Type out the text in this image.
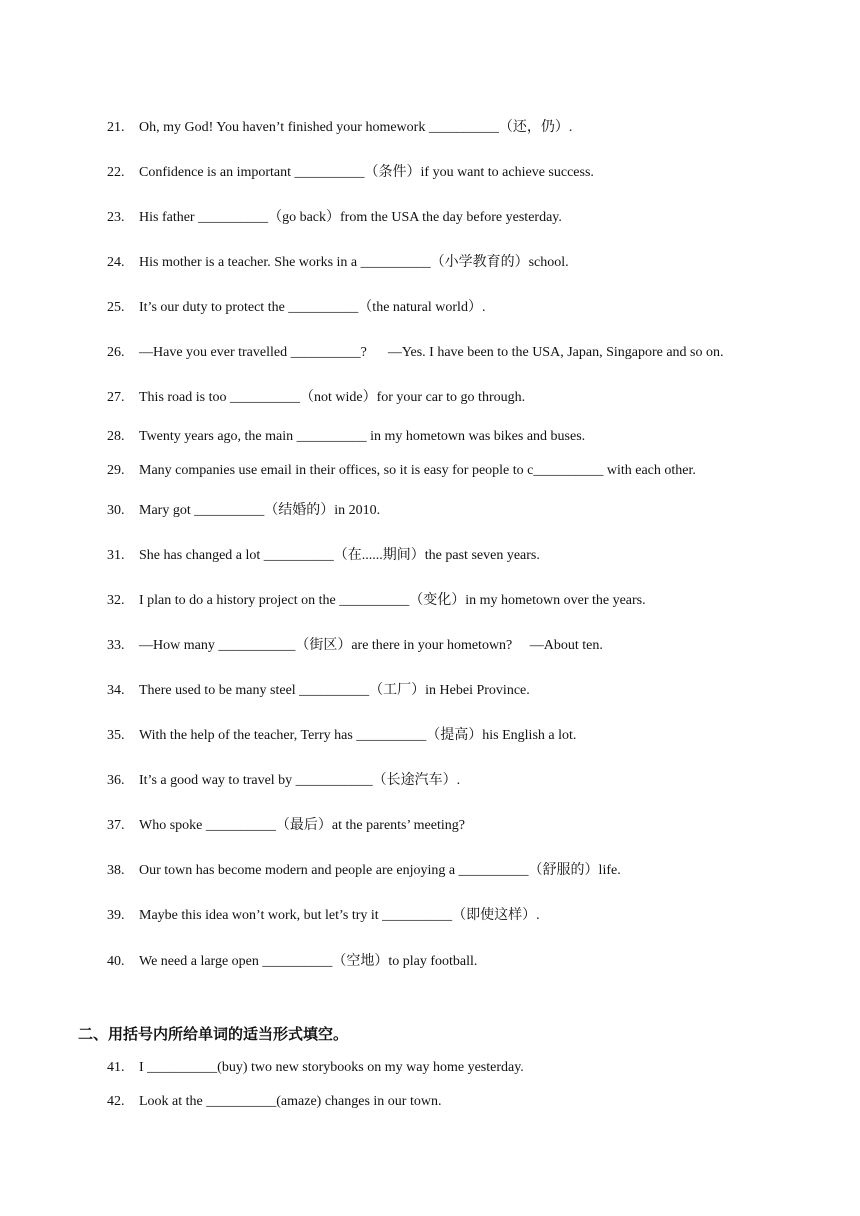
21. Oh, my God! You haven’t finished your homework __________（还，仍）.
22. Confidence is an important __________（条件）if you want to achieve success.
23. His father __________（go back）from the USA the day before yesterday.
24. His mother is a teacher. She works in a __________（小学教育的）school.
25. It’s our duty to protect the __________（the natural world）.
26. —Have you ever travelled __________?      —Yes. I have been to the USA, Japan, Singapore and so on.
27. This road is too __________（not wide）for your car to go through.
28. Twenty years ago, the main __________ in my hometown was bikes and buses.
29. Many companies use email in their offices, so it is easy for people to c__________ with each other.
30. Mary got __________（结婚的）in 2010.
31. She has changed a lot __________（在......期间）the past seven years.
32. I plan to do a history project on the __________（变化）in my hometown over the years.
33. —How many ___________（街区）are there in your hometown?     —About ten.
34. There used to be many steel __________（工厂）in Hebei Province.
35. With the help of the teacher, Terry has __________（提高）his English a lot.
36. It’s a good way to travel by ___________（长途汽车）.
37. Who spoke __________（最后）at the parents’ meeting?
38. Our town has become modern and people are enjoying a __________（舒服的）life.
39. Maybe this idea won’t work, but let’s try it __________（即使这样）.
40. We need a large open __________（空地）to play football.
二、用括号内所给单词的适当形式填空。
41. I __________(buy) two new storybooks on my way home yesterday.
42. Look at the __________(amaze) changes in our town.
